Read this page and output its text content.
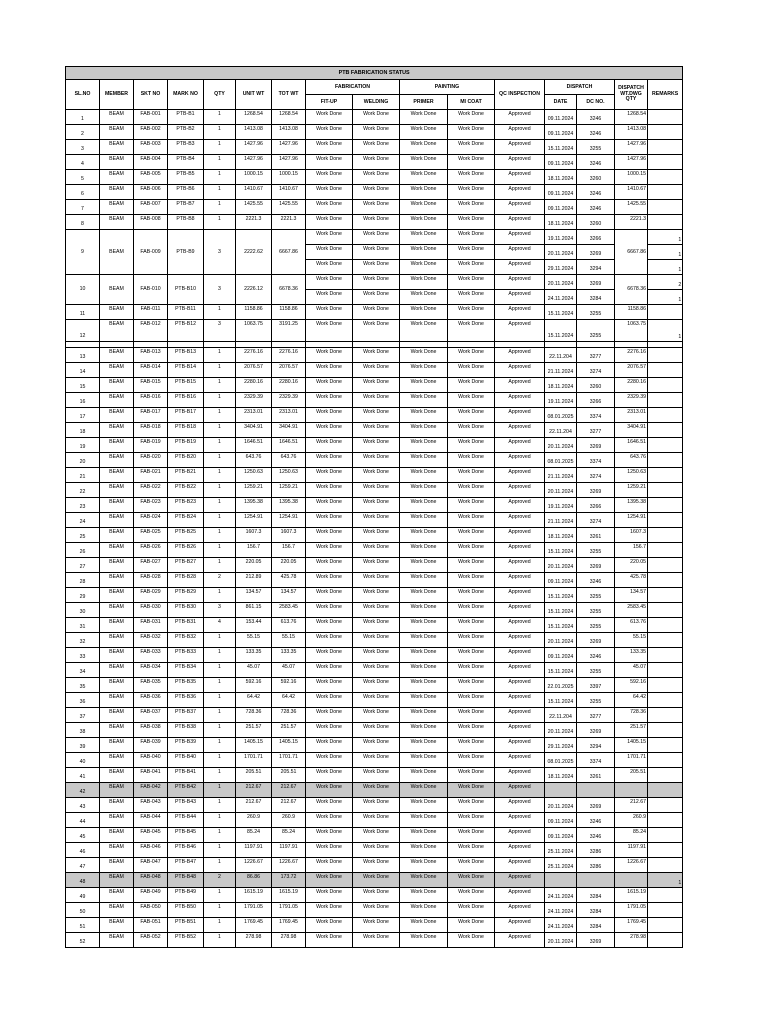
PTB FABRICATION STATUS															
SL.NO	MEMBER	SKT NO	MARK NO	QTY	UNIT WT	TOT WT	FABRICATION		PAINTING		QC INSPECTION	DISPATCH		DISPATCH WT.DWG QTY	REMARKS
							FIT-UP	WELDING	PRIMER	MI COAT		DATE	DC NO.		
1	BEAM	FAB-001	PTB-B1	1	1268.54	1268.54	Work Done	Work Done	Work Done	Work Done	Approved	09.11.2024	3246	1268.54	
2	BEAM	FAB-002	PTB-B2	1	1413.08	1413.08	Work Done	Work Done	Work Done	Work Done	Approved	09.11.2024	3246	1413.08	
3	BEAM	FAB-003	PTB-B3	1	1427.96	1427.96	Work Done	Work Done	Work Done	Work Done	Approved	15.11.2024	3255	1427.96	
4	BEAM	FAB-004	PTB-B4	1	1427.96	1427.96	Work Done	Work Done	Work Done	Work Done	Approved	09.11.2024	3246	1427.96	
5	BEAM	FAB-005	PTB-B5	1	1000.15	1000.15	Work Done	Work Done	Work Done	Work Done	Approved	18.11.2024	3260	1000.15	
6	BEAM	FAB-006	PTB-B6	1	1410.67	1410.67	Work Done	Work Done	Work Done	Work Done	Approved	09.11.2024	3246	1410.67	
7	BEAM	FAB-007	PTB-B7	1	1425.55	1425.55	Work Done	Work Done	Work Done	Work Done	Approved	09.11.2024	3246	1425.55	
8	BEAM	FAB-008	PTB-B8	1	2221.3	2221.3	Work Done	Work Done	Work Done	Work Done	Approved	18.11.2024	3260	2221.3	
9	BEAM	FAB-009	PTB-B9	3	2222.62	6667.86	Work Done	Work Done	Work Done	Work Done	Approved	19.11.2024	3266	6667.86	1
							Work Done	Work Done	Work Done	Work Done	Approved	20.11.2024	3269		1
							Work Done	Work Done	Work Done	Work Done	Approved	29.11.2024	3294		1
10	BEAM	FAB-010	PTB-B10	3	2226.12	6678.36	Work Done	Work Done	Work Done	Work Done	Approved	20.11.2024	3269	6678.36	2
							Work Done	Work Done	Work Done	Work Done	Approved	24.11.2024	3284		1
11	BEAM	FAB-011	PTB-B11	1	1158.86	1158.86	Work Done	Work Done	Work Done	Work Done	Approved	15.11.2024	3255	1158.86	
12	BEAM	FAB-012	PTB-B12	3	1063.75	3191.25	Work Done	Work Done	Work Done	Work Done	Approved	15.11.2024	3255	1063.75	1

13	BEAM	FAB-013	PTB-B13	1	2276.16	2276.16	Work Done	Work Done	Work Done	Work Done	Approved	22.11.204	3277	2276.16	
14	BEAM	FAB-014	PTB-B14	1	2076.57	2076.57	Work Done	Work Done	Work Done	Work Done	Approved	21.11.2024	3274	2076.57	
15	BEAM	FAB-015	PTB-B15	1	2280.16	2280.16	Work Done	Work Done	Work Done	Work Done	Approved	18.11.2024	3260	2280.16	
16	BEAM	FAB-016	PTB-B16	1	2329.39	2329.39	Work Done	Work Done	Work Done	Work Done	Approved	19.11.2024	3266	2329.39	
17	BEAM	FAB-017	PTB-B17	1	2313.01	2313.01	Work Done	Work Done	Work Done	Work Done	Approved	08.01.2025	3374	2313.01	
18	BEAM	FAB-018	PTB-B18	1	3404.91	3404.91	Work Done	Work Done	Work Done	Work Done	Approved	22.11.204	3277	3404.91	
19	BEAM	FAB-019	PTB-B19	1	1646.51	1646.51	Work Done	Work Done	Work Done	Work Done	Approved	20.11.2024	3269	1646.51	
20	BEAM	FAB-020	PTB-B20	1	643.76	643.76	Work Done	Work Done	Work Done	Work Done	Approved	08.01.2025	3374	643.76	
21	BEAM	FAB-021	PTB-B21	1	1250.63	1250.63	Work Done	Work Done	Work Done	Work Done	Approved	21.11.2024	3274	1250.63	
22	BEAM	FAB-022	PTB-B22	1	1259.21	1259.21	Work Done	Work Done	Work Done	Work Done	Approved	20.11.2024	3269	1259.21	
23	BEAM	FAB-023	PTB-B23	1	1395.38	1395.38	Work Done	Work Done	Work Done	Work Done	Approved	19.11.2024	3266	1395.38	
24	BEAM	FAB-024	PTB-B24	1	1254.91	1254.91	Work Done	Work Done	Work Done	Work Done	Approved	21.11.2024	3274	1254.91	
25	BEAM	FAB-025	PTB-B25	1	1607.3	1607.3	Work Done	Work Done	Work Done	Work Done	Approved	18.11.2024	3261	1607.3	
26	BEAM	FAB-026	PTB-B26	1	156.7	156.7	Work Done	Work Done	Work Done	Work Done	Approved	15.11.2024	3255	156.7	
27	BEAM	FAB-027	PTB-B27	1	220.05	220.05	Work Done	Work Done	Work Done	Work Done	Approved	20.11.2024	3269	220.05	
28	BEAM	FAB-028	PTB-B28	2	212.89	425.78	Work Done	Work Done	Work Done	Work Done	Approved	09.11.2024	3246	425.78	
29	BEAM	FAB-029	PTB-B29	1	134.57	134.57	Work Done	Work Done	Work Done	Work Done	Approved	15.11.2024	3255	134.57	
30	BEAM	FAB-030	PTB-B30	3	861.15	2583.45	Work Done	Work Done	Work Done	Work Done	Approved	15.11.2024	3255	2583.45	
31	BEAM	FAB-031	PTB-B31	4	153.44	613.76	Work Done	Work Done	Work Done	Work Done	Approved	15.11.2024	3255	613.76	
32	BEAM	FAB-032	PTB-B32	1	55.15	55.15	Work Done	Work Done	Work Done	Work Done	Approved	20.11.2024	3269	55.15	
33	BEAM	FAB-033	PTB-B33	1	133.35	133.35	Work Done	Work Done	Work Done	Work Done	Approved	09.11.2024	3246	133.35	
34	BEAM	FAB-034	PTB-B34	1	45.07	45.07	Work Done	Work Done	Work Done	Work Done	Approved	15.11.2024	3255	45.07	
35	BEAM	FAB-035	PTB-B35	1	592.16	592.16	Work Done	Work Done	Work Done	Work Done	Approved	22.01.2025	3397	592.16	
36	BEAM	FAB-036	PTB-B36	1	64.42	64.42	Work Done	Work Done	Work Done	Work Done	Approved	15.11.2024	3255	64.42	
37	BEAM	FAB-037	PTB-B37	1	728.36	728.36	Work Done	Work Done	Work Done	Work Done	Approved	22.11.204	3277	728.36	
38	BEAM	FAB-038	PTB-B38	1	251.57	251.57	Work Done	Work Done	Work Done	Work Done	Approved	20.11.2024	3269	251.57	
39	BEAM	FAB-039	PTB-B39	1	1405.15	1405.15	Work Done	Work Done	Work Done	Work Done	Approved	29.11.2024	3294	1405.15	
40	BEAM	FAB-040	PTB-B40	1	1701.71	1701.71	Work Done	Work Done	Work Done	Work Done	Approved	08.01.2025	3374	1701.71	
41	BEAM	FAB-041	PTB-B41	1	205.51	205.51	Work Done	Work Done	Work Done	Work Done	Approved	18.11.2024	3261	205.51	
42	BEAM	FAB-042	PTB-B42	1	212.67	212.67	Work Done	Work Done	Work Done	Work Done	Approved				
43	BEAM	FAB-043	PTB-B43	1	212.67	212.67	Work Done	Work Done	Work Done	Work Done	Approved	20.11.2024	3269	212.67	
44	BEAM	FAB-044	PTB-B44	1	260.9	260.9	Work Done	Work Done	Work Done	Work Done	Approved	09.11.2024	3246	260.9	
45	BEAM	FAB-045	PTB-B45	1	85.24	85.24	Work Done	Work Done	Work Done	Work Done	Approved	09.11.2024	3246	85.24	
46	BEAM	FAB-046	PTB-B46	1	1197.91	1197.91	Work Done	Work Done	Work Done	Work Done	Approved	25.11.2024	3286	1197.91	
47	BEAM	FAB-047	PTB-B47	1	1226.67	1226.67	Work Done	Work Done	Work Done	Work Done	Approved	25.11.2024	3286	1226.67	
48	BEAM	FAB-048	PTB-B48	2	86.86	173.72	Work Done	Work Done	Work Done	Work Done	Approved				1
49	BEAM	FAB-049	PTB-B49	1	1615.19	1615.19	Work Done	Work Done	Work Done	Work Done	Approved	24.11.2024	3284	1615.19	
50	BEAM	FAB-050	PTB-B50	1	1791.05	1791.05	Work Done	Work Done	Work Done	Work Done	Approved	24.11.2024	3284	1791.05	
51	BEAM	FAB-051	PTB-B51	1	1769.45	1769.45	Work Done	Work Done	Work Done	Work Done	Approved	24.11.2024	3284	1769.45	
52	BEAM	FAB-052	PTB-B52	1	278.98	278.98	Work Done	Work Done	Work Done	Work Done	Approved	20.11.2024	3269	278.98	
